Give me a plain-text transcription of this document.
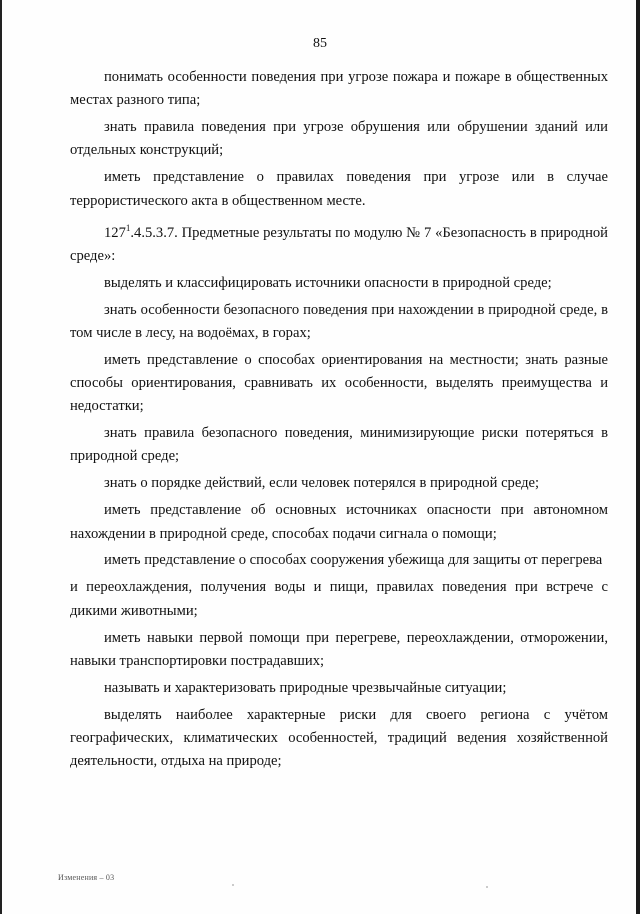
85

понимать особенности поведения при угрозе пожара и пожаре в общественных местах разного типа;

знать правила поведения при угрозе обрушения или обрушении зданий или отдельных конструкций;

иметь представление о правилах поведения при угрозе или в случае террористического акта в общественном месте.

$127^1.4.5.3.7$. Предметные результаты по модулю № 7 «Безопасность в природной среде»:

выделять и классифицировать источники опасности в природной среде;

знать особенности безопасного поведения при нахождении в природной среде, в том числе в лесу, на водоёмах, в горах;

иметь представление о способах ориентирования на местности; знать разные способы ориентирования, сравнивать их особенности, выделять преимущества и недостатки;

знать правила безопасного поведения, минимизирующие риски потеряться в природной среде;

знать о порядке действий, если человек потерялся в природной среде;

иметь представление об основных источниках опасности при автономном нахождении в природной среде, способах подачи сигнала о помощи;

иметь представление о способах сооружения убежища для защиты от перегрева

и переохлаждения, получения воды и пищи, правилах поведения при встрече с дикими животными;

иметь навыки первой помощи при перегреве, переохлаждении, отморожении, навыки транспортировки пострадавших;

называть и характеризовать природные чрезвычайные ситуации;

выделять наиболее характерные риски для своего региона с учётом географических, климатических особенностей, традиций ведения хозяйственной деятельности, отдыха на природе;

Изменения – 03
